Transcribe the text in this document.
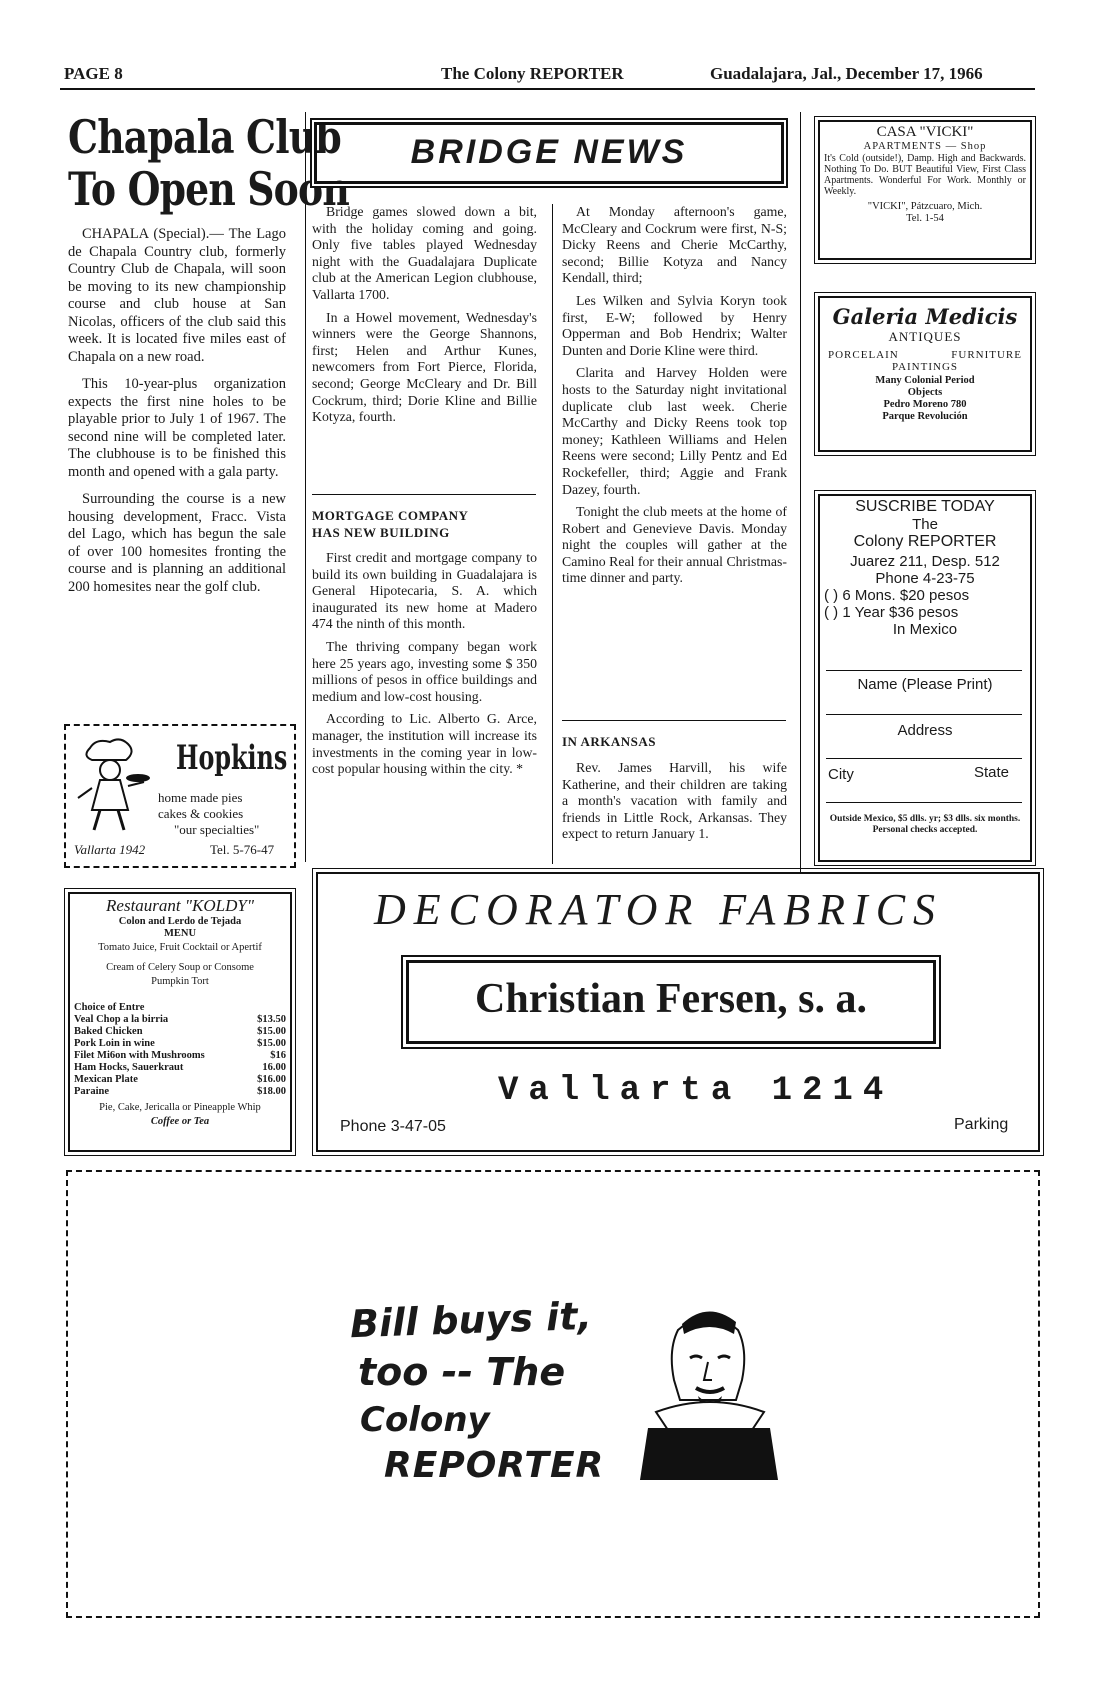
PAGE 8	The Colony REPORTER	Guadalajara, Jal., December 17, 1966
Chapala Club
To Open Soon

CHAPALA (Special).— The Lago de Chapala Country club, formerly Country Club de Chapala, will soon be moving to its new championship course and club house at San Nicolas, officers of the club said this week. It is located five miles east of Chapala on a new road.

This 10-year-plus organization expects the first nine holes to be playable prior to July 1 of 1967. The second nine will be completed later. The clubhouse is to be finished this month and opened with a gala party.

Surrounding the course is a new housing development, Fracc. Vista del Lago, which has begun the sale of over 100 homesites fronting the course and is planning an additional 200 homesites near the golf club.

Hopkins
home made pies
cakes & cookies
"our specialties"
Vallarta 1942	Tel. 5-76-47
Restaurant "KOLDY"
Colon and Lerdo de Tejada
MENU
Tomato Juice, Fruit Cocktail or Apertif
Cream of Celery Soup or Consome
Pumpkin Tort
Choice of Entre
Veal Chop a la birria	$13.50
Baked Chicken	$15.00
Pork Loin in wine	$15.00
Filet Mi6on with Mushrooms	$16
Ham Hocks, Sauerkraut	16.00
Mexican Plate	$16.00
Paraine	$18.00
Pie, Cake, Jericalla or Pineapple Whip
Coffee or Tea
BRIDGE NEWS

Bridge games slowed down a bit, with the holiday coming and going. Only five tables played Wednesday night with the Guadalajara Duplicate club at the American Legion clubhouse, Vallarta 1700.

In a Howel movement, Wednesday's winners were the George Shannons, first; Helen and Arthur Kunes, newcomers from Fort Pierce, Florida, second; George McCleary and Dr. Bill Cockrum, third; Dorie Kline and Billie Kotyza, fourth.

MORTGAGE COMPANY
HAS NEW BUILDING

First credit and mortgage company to build its own building in Guadalajara is General Hipotecaria, S. A. which inaugurated its new home at Madero 474 the ninth of this month.

The thriving company began work here 25 years ago, investing some $ 350 millions of pesos in office buildings and medium and low-cost housing.

According to Lic. Alberto G. Arce, manager, the institution will increase its investments in the coming year in low-cost popular housing within the city. *

At Monday afternoon's game, McCleary and Cockrum were first, N-S; Dicky Reens and Cherie McCarthy, second; Billie Kotyza and Nancy Kendall, third;

Les Wilken and Sylvia Koryn took first, E-W; followed by Henry Opperman and Bob Hendrix; Walter Dunten and Dorie Kline were third.

Clarita and Harvey Holden were hosts to the Saturday night invitational duplicate club last week. Cherie McCarthy and Dicky Reens took top money; Kathleen Williams and Helen Reens were second; Lilly Pentz and Ed Rockefeller, third; Aggie and Frank Dazey, fourth.

Tonight the club meets at the home of Robert and Genevieve Davis. Monday night the couples will gather at the Camino Real for their annual Christmas-time dinner and party.

IN ARKANSAS

Rev. James Harvill, his wife Katherine, and their children are taking a month's vacation with family and friends in Little Rock, Arkansas. They expect to return January 1.

CASA "VICKI"
APARTMENTS — Shop
It's Cold (outside!), Damp. High and Backwards. Nothing To Do. BUT Beautiful View, First Class Apartments. Wonderful For Work. Monthly or Weekly.
"VICKI", Pátzcuaro, Mich.
Tel. 1-54
Galeria Medicis
ANTIQUES
PORCELAIN	FURNITURE
PAINTINGS
Many Colonial Period Objects
Pedro Moreno 780
Parque Revolución
SUSCRIBE TODAY
The
Colony REPORTER
Juarez 211, Desp. 512
Phone 4-23-75
( ) 6 Mons. $20 pesos
( ) 1 Year $36 pesos
In Mexico
Name (Please Print)
Address
City	State
Outside Mexico, $5 dlls. yr; $3 dlls. six months. Personal checks accepted.
DECORATOR FABRICS
Christian Fersen, s. a.
Vallarta 1214
Phone 3-47-05	Parking
Bill buys it,
too -- The
Colony
REPORTER
